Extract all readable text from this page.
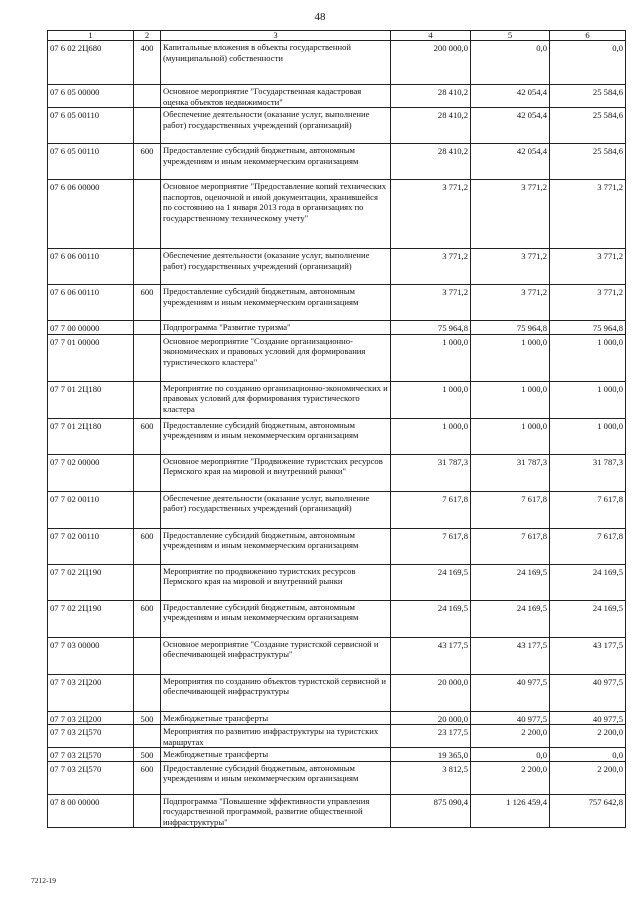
48
1	2	3	4	5	6
07 6 02 2Ц680	400	Капитальные вложения в объекты государственной (муниципальной) собственности	200 000,0	0,0	0,0
07 6 05 00000		Основное мероприятие "Государственная кадастровая оценка объектов недвижимости"	28 410,2	42 054,4	25 584,6
07 6 05 00110		Обеспечение деятельности (оказание услуг, выполнение работ) государственных учреждений (организаций)	28 410,2	42 054,4	25 584,6
07 6 05 00110	600	Предоставление субсидий бюджетным, автономным учреждениям и иным некоммерческим организациям	28 410,2	42 054,4	25 584,6
07 6 06 00000		Основное мероприятие "Предоставление копий технических паспортов, оценочной и иной документации, хранившейся по состоянию на 1 января 2013 года в организациях по государственному техническому учету"	3 771,2	3 771,2	3 771,2
07 6 06 00110		Обеспечение деятельности (оказание услуг, выполнение работ) государственных учреждений (организаций)	3 771,2	3 771,2	3 771,2
07 6 06 00110	600	Предоставление субсидий бюджетным, автономным учреждениям и иным некоммерческим организациям	3 771,2	3 771,2	3 771,2
07 7 00 00000		Подпрограмма "Развитие туризма"	75 964,8	75 964,8	75 964,8
07 7 01 00000		Основное мероприятие "Создание организационно-экономических и правовых условий для формирования туристического кластера"	1 000,0	1 000,0	1 000,0
07 7 01 2Ц180		Мероприятие по созданию организационно-экономических и правовых условий для формирования туристического кластера	1 000,0	1 000,0	1 000,0
07 7 01 2Ц180	600	Предоставление субсидий бюджетным, автономным учреждениям и иным некоммерческим организациям	1 000,0	1 000,0	1 000,0
07 7 02 00000		Основное мероприятие "Продвижение туристских ресурсов Пермского края на мировой и внутренний рынки"	31 787,3	31 787,3	31 787,3
07 7 02 00110		Обеспечение деятельности (оказание услуг, выполнение работ) государственных учреждений (организаций)	7 617,8	7 617,8	7 617,8
07 7 02 00110	600	Предоставление субсидий бюджетным, автономным учреждениям и иным некоммерческим организациям	7 617,8	7 617,8	7 617,8
07 7 02 2Ц190		Мероприятие по продвижению туристских ресурсов Пермского края на мировой и внутренний рынки	24 169,5	24 169,5	24 169,5
07 7 02 2Ц190	600	Предоставление субсидий бюджетным, автономным учреждениям и иным некоммерческим организациям	24 169,5	24 169,5	24 169,5
07 7 03 00000		Основное мероприятие "Создание туристской сервисной и обеспечивающей инфраструктуры"	43 177,5	43 177,5	43 177,5
07 7 03 2Ц200		Мероприятия по созданию объектов туристской сервисной и обеспечивающей инфраструктуры	20 000,0	40 977,5	40 977,5
07 7 03 2Ц200	500	Межбюджетные трансферты	20 000,0	40 977,5	40 977,5
07 7 03 2Ц570		Мероприятия по развитию инфраструктуры на туристских маршрутах	23 177,5	2 200,0	2 200,0
07 7 03 2Ц570	500	Межбюджетные трансферты	19 365,0	0,0	0,0
07 7 03 2Ц570	600	Предоставление субсидий бюджетным, автономным учреждениям и иным некоммерческим организациям	3 812,5	2 200,0	2 200,0
07 8 00 00000		Подпрограмма "Повышение эффективности управления государственной программой, развитие общественной инфраструктуры"	875 090,4	1 126 459,4	757 642,8
7212-19
